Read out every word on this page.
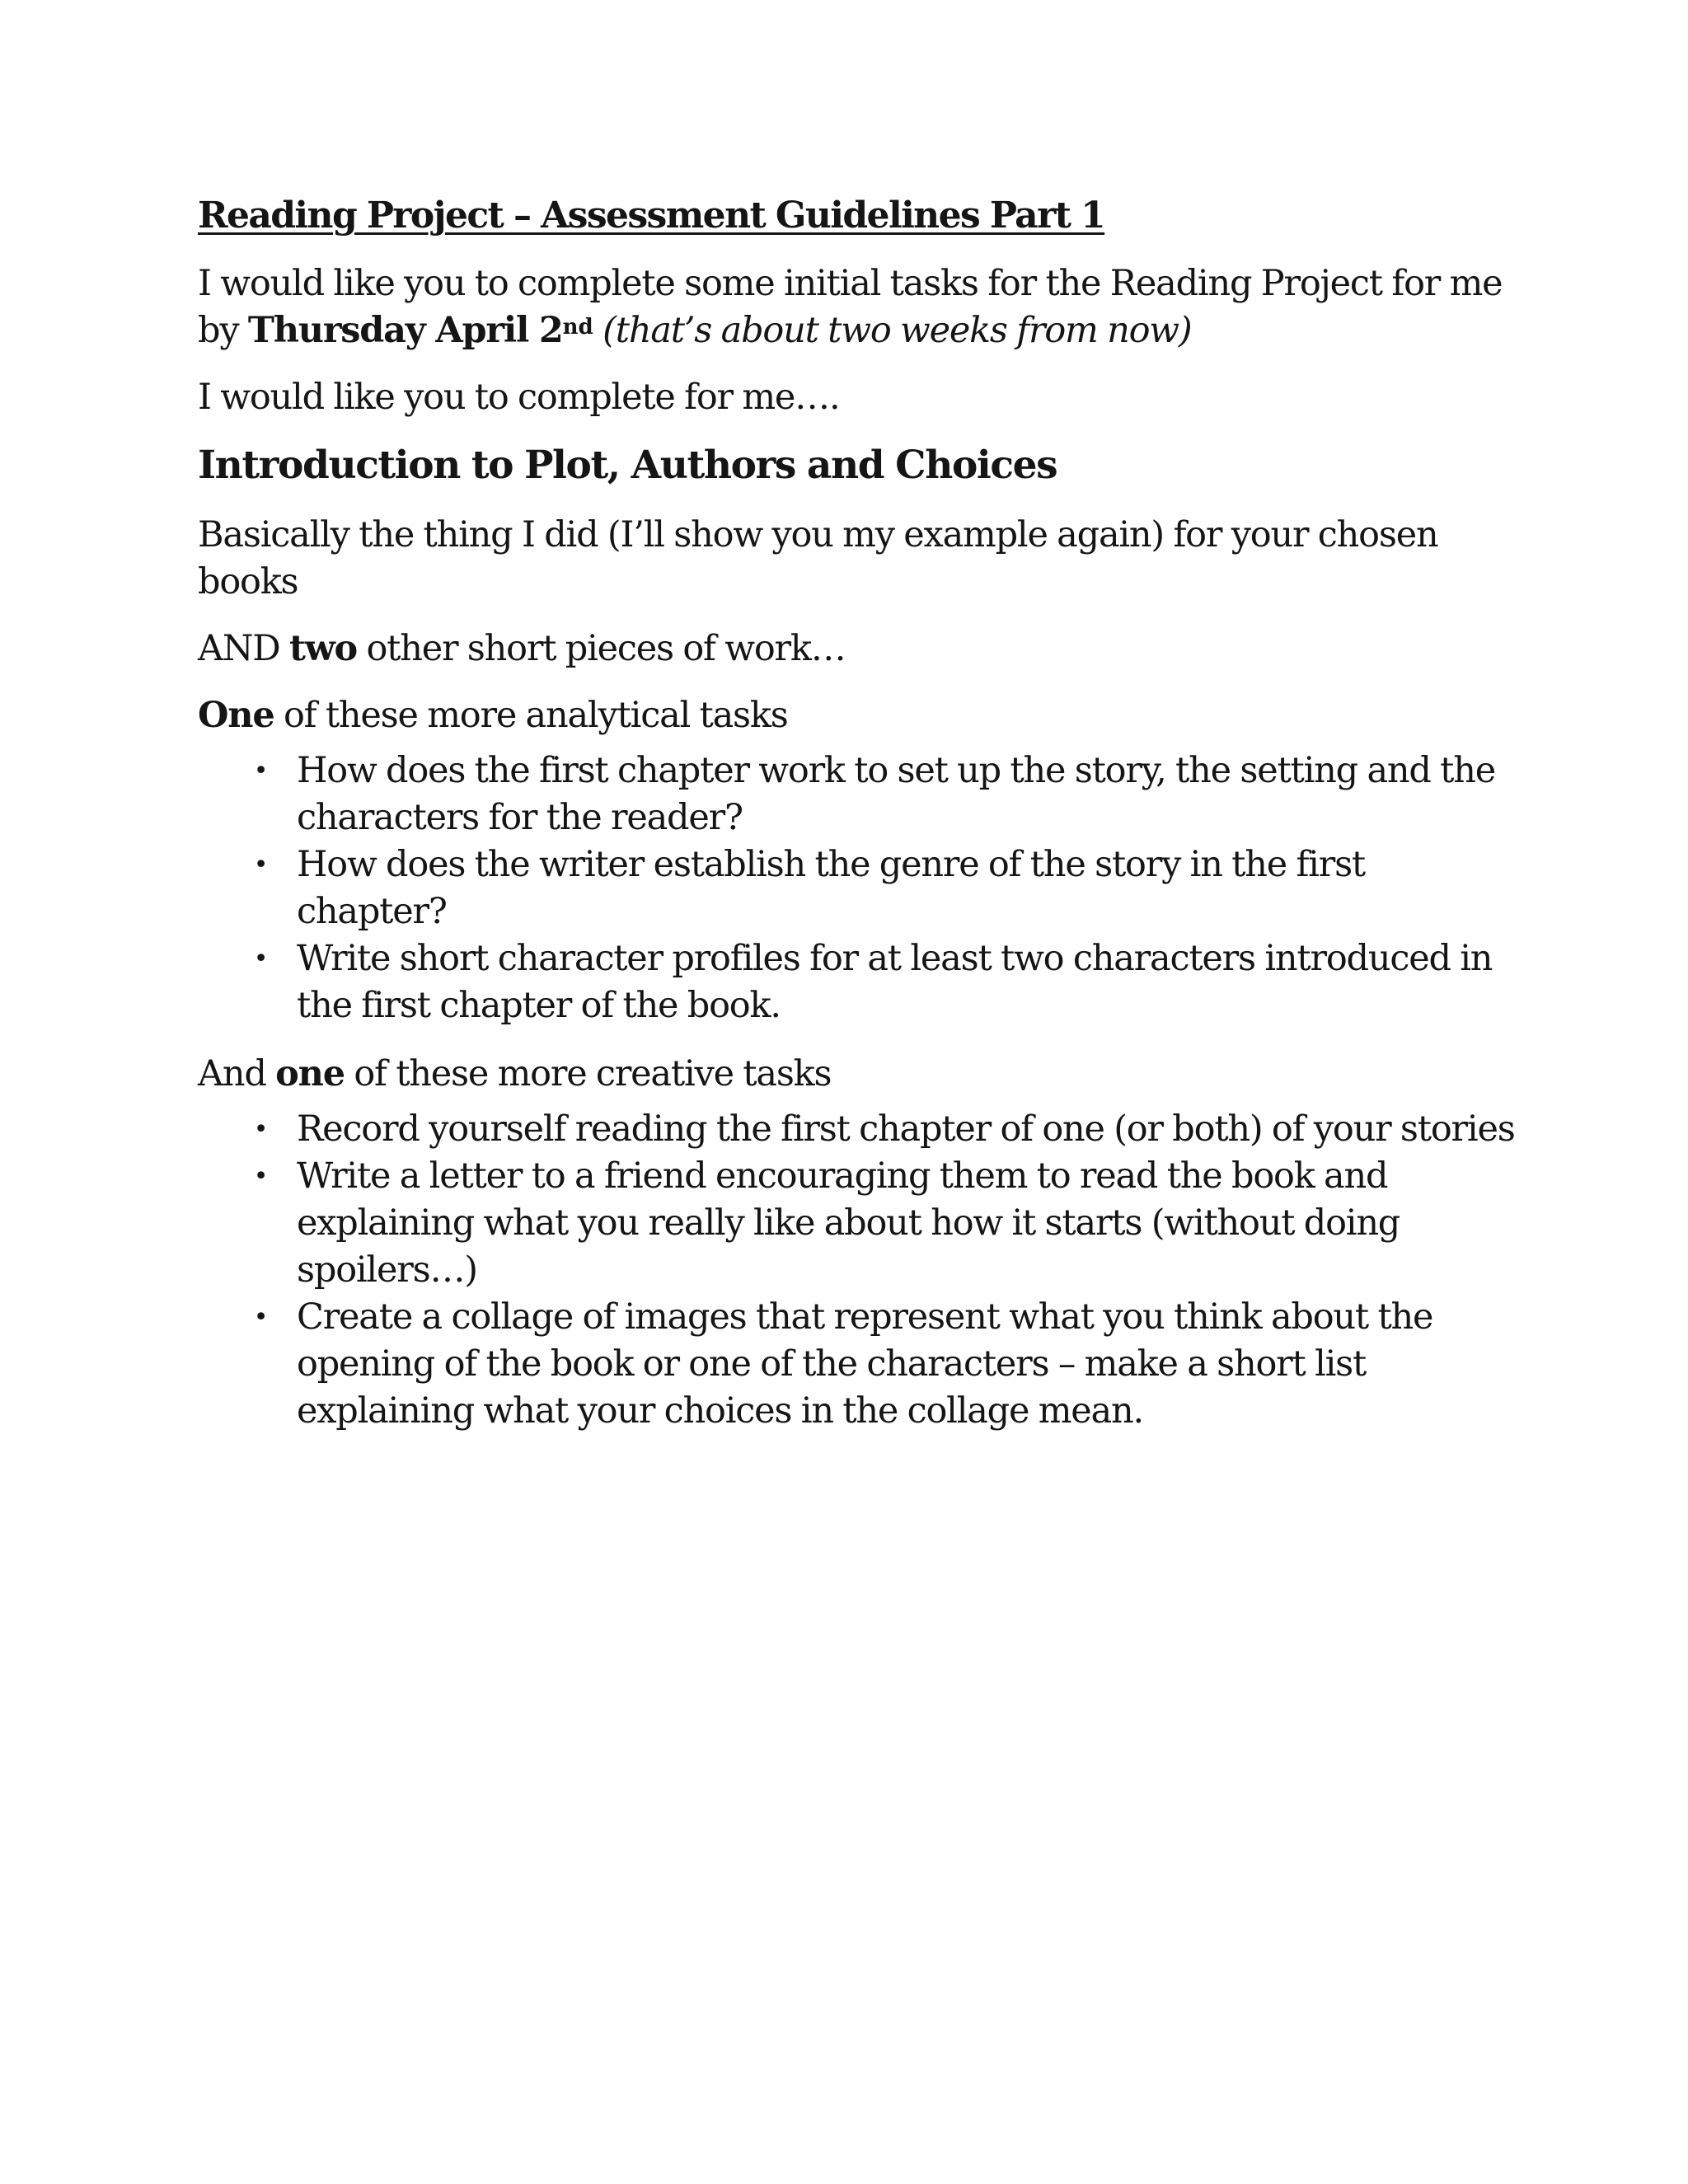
Reading Project – Assessment Guidelines Part 1

I would like you to complete some initial tasks for the Reading Project for me by Thursday April 2nd (that’s about two weeks from now)

I would like you to complete for me….

Introduction to Plot, Authors and Choices

Basically the thing I did (I’ll show you my example again) for your chosen books

AND two other short pieces of work…

One of these more analytical tasks

• How does the first chapter work to set up the story, the setting and the characters for the reader?
• How does the writer establish the genre of the story in the first chapter?
• Write short character profiles for at least two characters introduced in the first chapter of the book.

And one of these more creative tasks

• Record yourself reading the first chapter of one (or both) of your stories
• Write a letter to a friend encouraging them to read the book and explaining what you really like about how it starts (without doing spoilers…)
• Create a collage of images that represent what you think about the opening of the book or one of the characters – make a short list explaining what your choices in the collage mean.
